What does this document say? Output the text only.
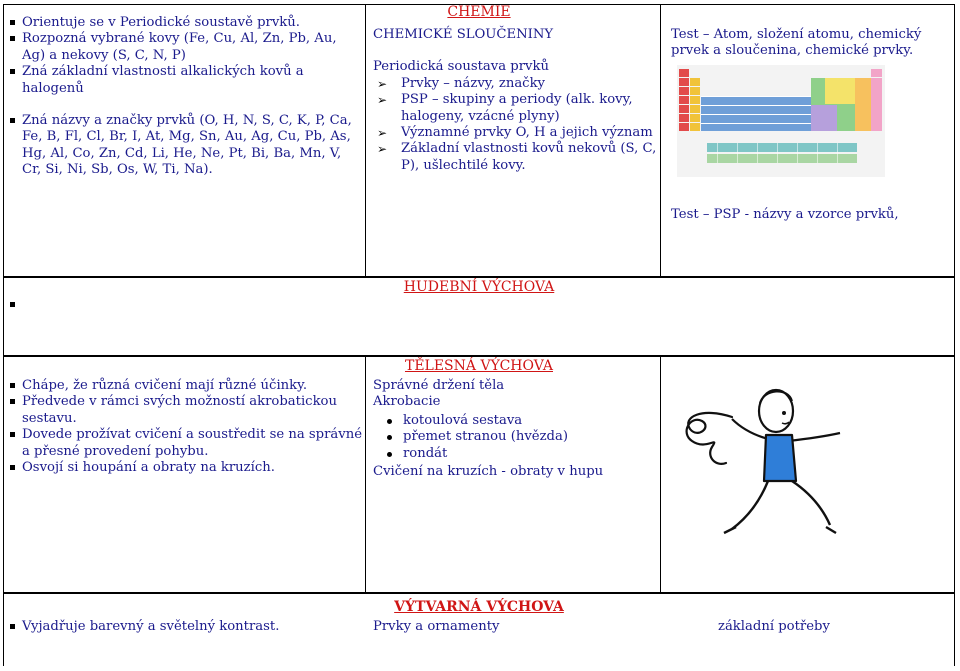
CHEMIE
Orientuje se v Periodické soustavě prvků.
Rozpozná vybrané kovy (Fe, Cu, Al, Zn, Pb, Au, Ag) a nekovy (S, C, N, P)
Zná základní vlastnosti alkalických kovů a halogenů
Zná názvy a značky prvků (O, H, N, S, C, K, P, Ca, Fe, B, Fl, Cl, Br, I, At, Mg, Sn, Au, Ag, Cu, Pb, As, Hg, Al, Co, Zn, Cd, Li, He, Ne, Pt, Bi, Ba, Mn, V, Cr, Si, Ni, Sb, Os, W, Ti, Na).
CHEMICKÉ SLOUČENINY
Periodická soustava prvků
➢ Prvky – názvy, značky
➢ PSP – skupiny a periody (alk. kovy, halogeny, vzácné plyny)
➢ Významné prvky O, H a jejich význam
➢ Základní vlastnosti kovů nekovů (S, C, P), ušlechtilé kovy.
Test – Atom, složení atomu, chemický prvek a sloučenina, chemické prvky.
Test – PSP - názvy a vzorce prvků,
HUDEBNÍ VÝCHOVA
TĚLESNÁ VÝCHOVA
Chápe, že různá cvičení mají různé účinky.
Předvede v rámci svých možností akrobatickou sestavu.
Dovede prožívat cvičení a soustředit se na správné a přesné provedení pohybu.
Osvojí si houpání a obraty na kruzích.
Správné držení těla
Akrobacie
kotoulová sestava
přemet stranou (hvězda)
rondát
Cvičení na kruzích - obraty v hupu
VÝTVARNÁ VÝCHOVA
Vyjadřuje barevný a světelný kontrast.	Prvky a ornamenty	základní potřeby
